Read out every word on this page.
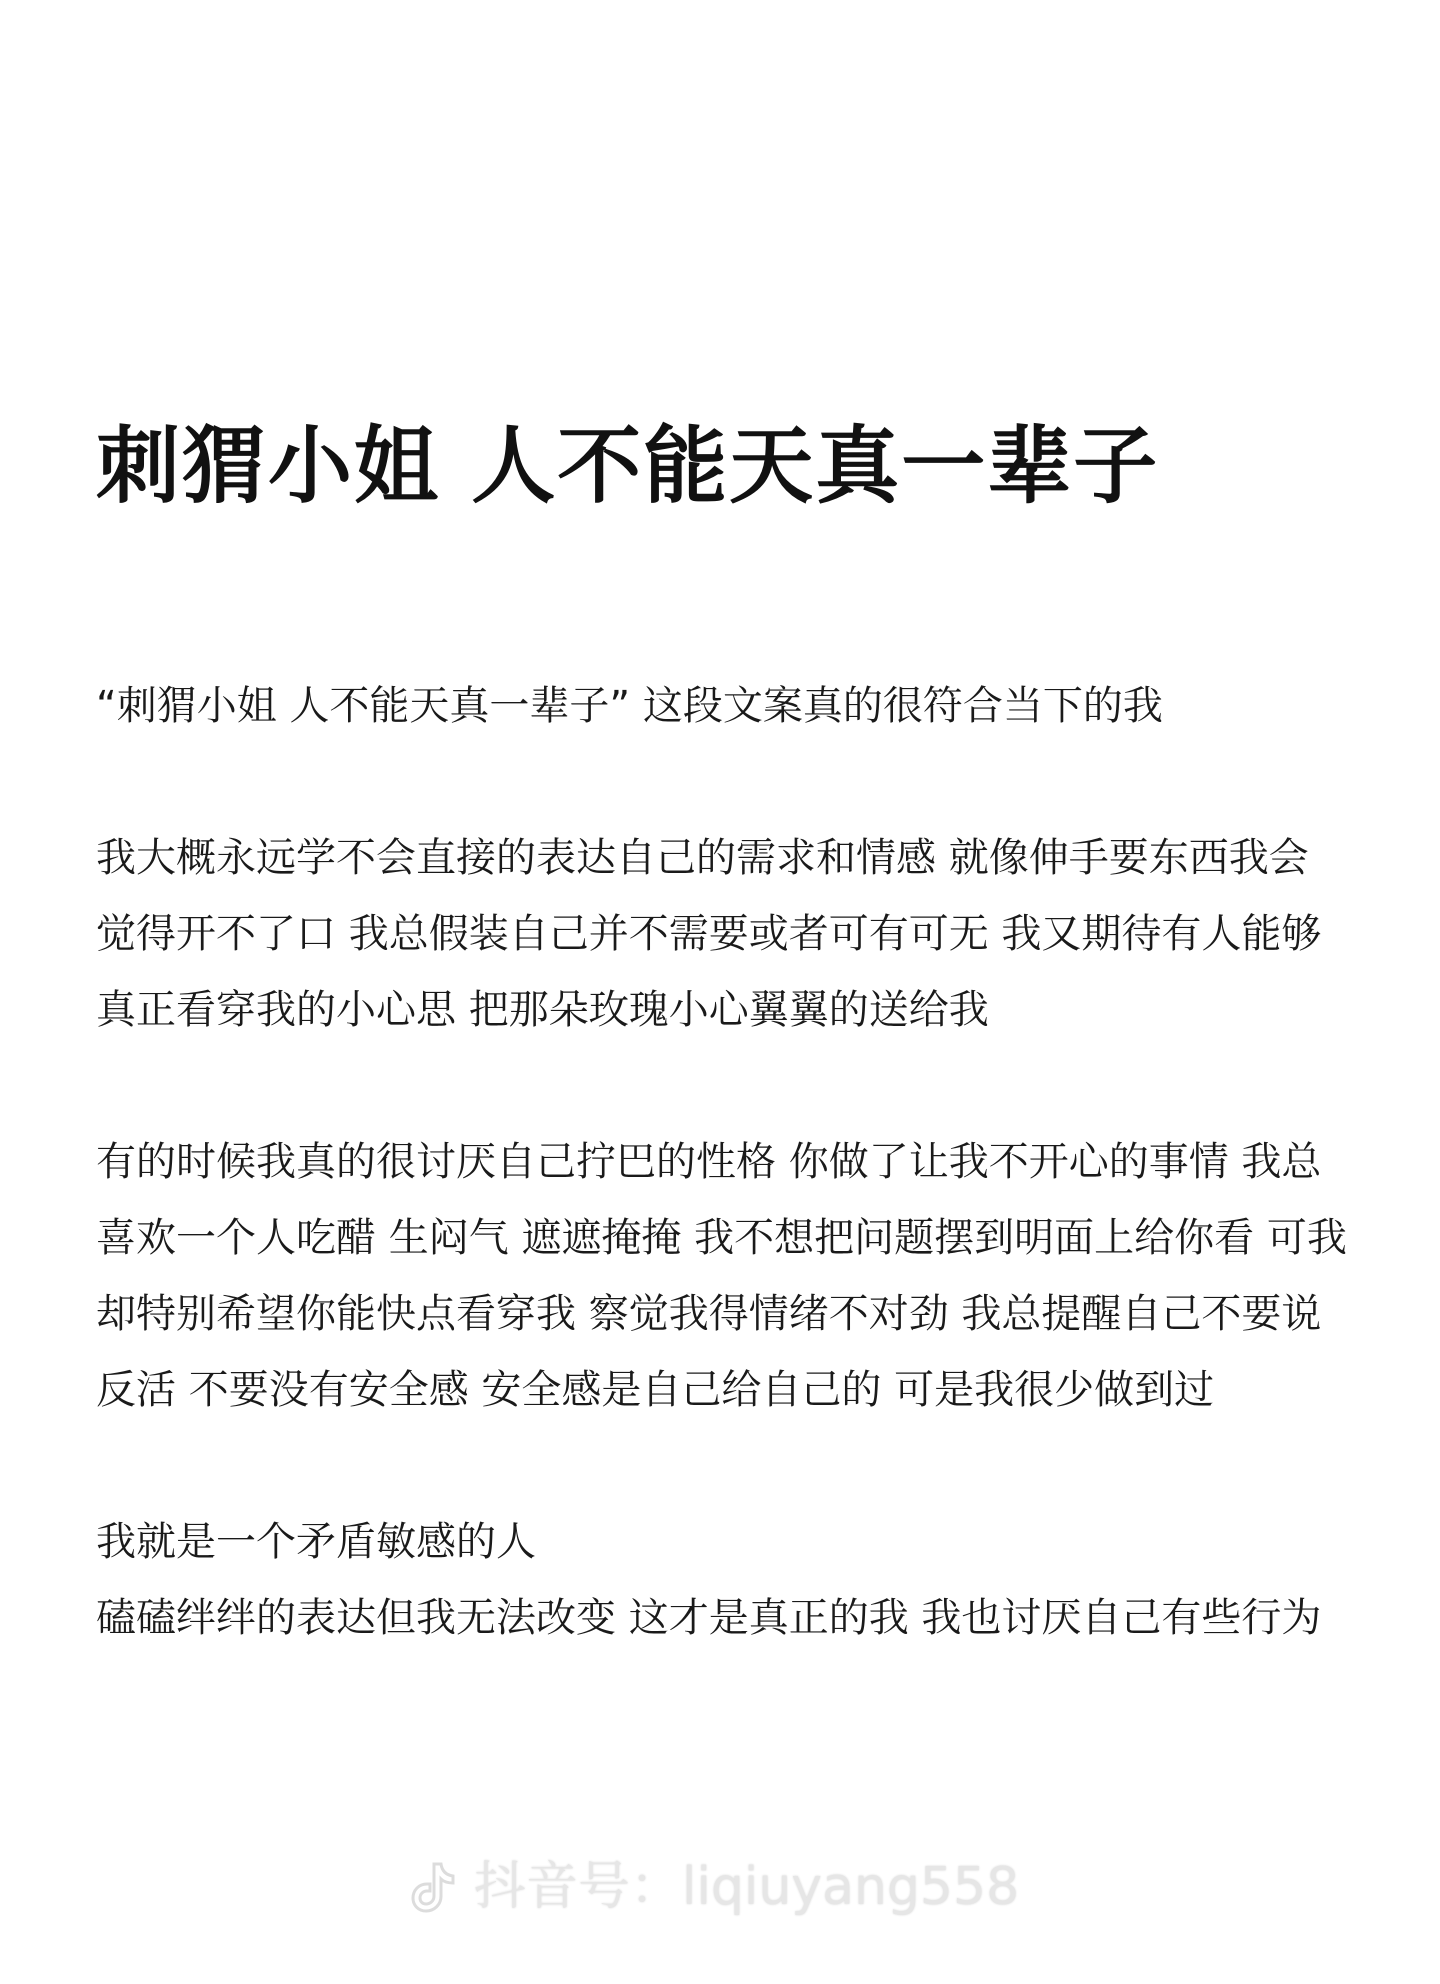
刺猬小姐 人不能天真一辈子

“刺猬小姐 人不能天真一辈子” 这段文案真的很符合当下的我

我大概永远学不会直接的表达自己的需求和情感 就像伸手要东西我会
觉得开不了口 我总假装自己并不需要或者可有可无 我又期待有人能够
真正看穿我的小心思 把那朵玫瑰小心翼翼的送给我

有的时候我真的很讨厌自己拧巴的性格 你做了让我不开心的事情 我总
喜欢一个人吃醋 生闷气 遮遮掩掩 我不想把问题摆到明面上给你看 可我
却特别希望你能快点看穿我 察觉我得情绪不对劲 我总提醒自己不要说
反活 不要没有安全感 安全感是自己给自己的 可是我很少做到过

我就是一个矛盾敏感的人
磕磕绊绊的表达但我无法改变 这才是真正的我 我也讨厌自己有些行为

抖音号：liqiuyang558
